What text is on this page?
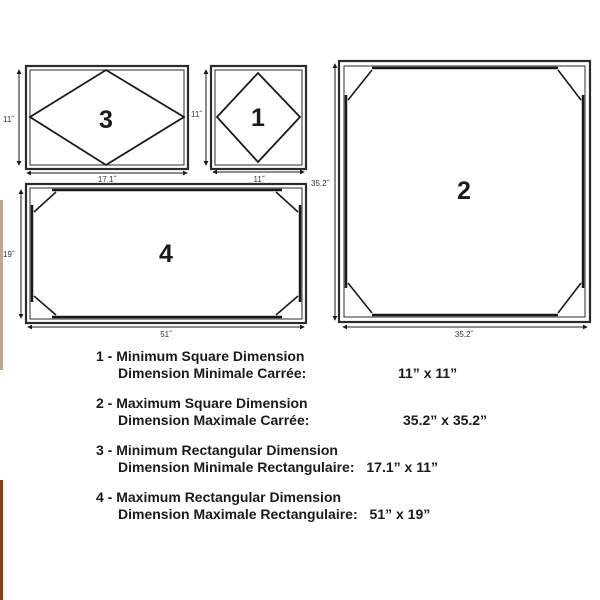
3
11˝
17.1˝
1
11˝
11˝	2
35.2˝
35.2˝
4
19˝
51˝
1 - Minimum Square Dimension
Dimension Minimale Carrée:	11” x 11”
2 - Maximum Square Dimension
Dimension Maximale Carrée:	35.2” x 35.2”
3 - Minimum Rectangular Dimension
Dimension Minimale Rectangulaire: 17.1” x 11”
4 - Maximum Rectangular Dimension
Dimension Maximale Rectangulaire: 51” x 19”
